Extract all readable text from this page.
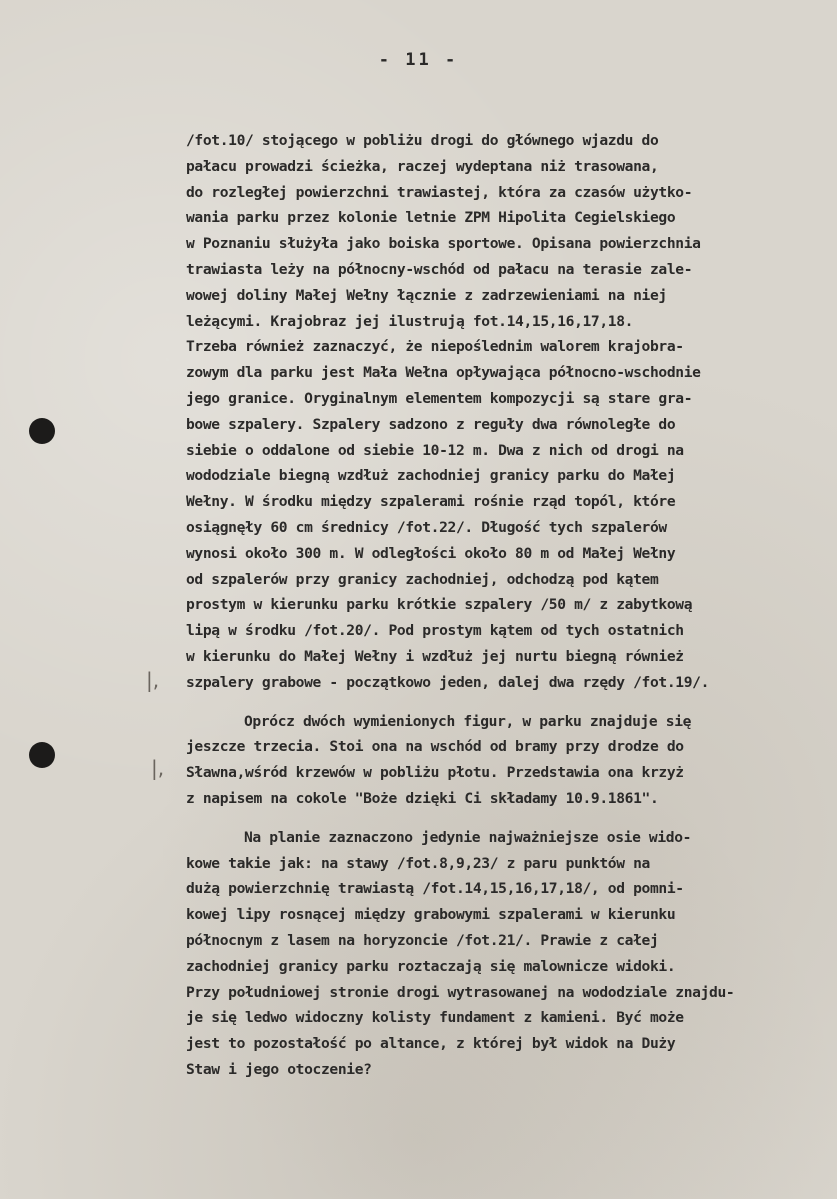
- 11 -
|,
|,
/fot.10/ stojącego w pobliżu drogi do głównego wjazdu do
pałacu prowadzi ścieżka, raczej wydeptana niż trasowana,
do rozległej powierzchni trawiastej, która za czasów użytko-
wania parku przez kolonie letnie ZPM Hipolita Cegielskiego
w Poznaniu służyła jako boiska sportowe. Opisana powierzchnia
trawiasta leży na północny-wschód od pałacu na terasie zale-
wowej doliny Małej Wełny łącznie z zadrzewieniami na niej
leżącymi. Krajobraz jej ilustrują fot.14,15,16,17,18.
Trzeba również zaznaczyć, że niepoślednim walorem krajobra-
zowym dla parku jest Mała Wełna opływająca północno-wschodnie
jego granice. Oryginalnym elementem kompozycji są stare gra-
bowe szpalery. Szpalery sadzono z reguły dwa równoległe do
siebie o oddalone od siebie 10-12 m. Dwa z nich od drogi na
wododziale biegną wzdłuż zachodniej granicy parku do Małej
Wełny. W środku między szpalerami rośnie rząd topól, które
osiągnęły 60 cm średnicy /fot.22/. Długość tych szpalerów
wynosi około 300 m. W odległości około 80 m od Małej Wełny
od szpalerów przy granicy zachodniej, odchodzą pod kątem
prostym w kierunku parku krótkie szpalery /50 m/ z zabytkową
lipą w środku /fot.20/. Pod prostym kątem od tych ostatnich
w kierunku do Małej Wełny i wzdłuż jej nurtu biegną również
szpalery grabowe - początkowo jeden, dalej dwa rzędy /fot.19/.
Oprócz dwóch wymienionych figur, w parku znajduje się
jeszcze trzecia. Stoi ona na wschód od bramy przy drodze do
Sławna,wśród krzewów w pobliżu płotu. Przedstawia ona krzyż
z napisem na cokole "Boże dzięki Ci składamy 10.9.1861".
Na planie zaznaczono jedynie najważniejsze osie wido-
kowe takie jak: na stawy /fot.8,9,23/ z paru punktów na
dużą powierzchnię trawiastą /fot.14,15,16,17,18/, od pomni-
kowej lipy rosnącej między grabowymi szpalerami w kierunku
północnym z lasem na horyzoncie /fot.21/. Prawie z całej
zachodniej granicy parku roztaczają się malownicze widoki.
Przy południowej stronie drogi wytrasowanej na wododziale znajdu-
je się ledwo widoczny kolisty fundament z kamieni. Być może
jest to pozostałość po altance, z której był widok na Duży
Staw i jego otoczenie?
